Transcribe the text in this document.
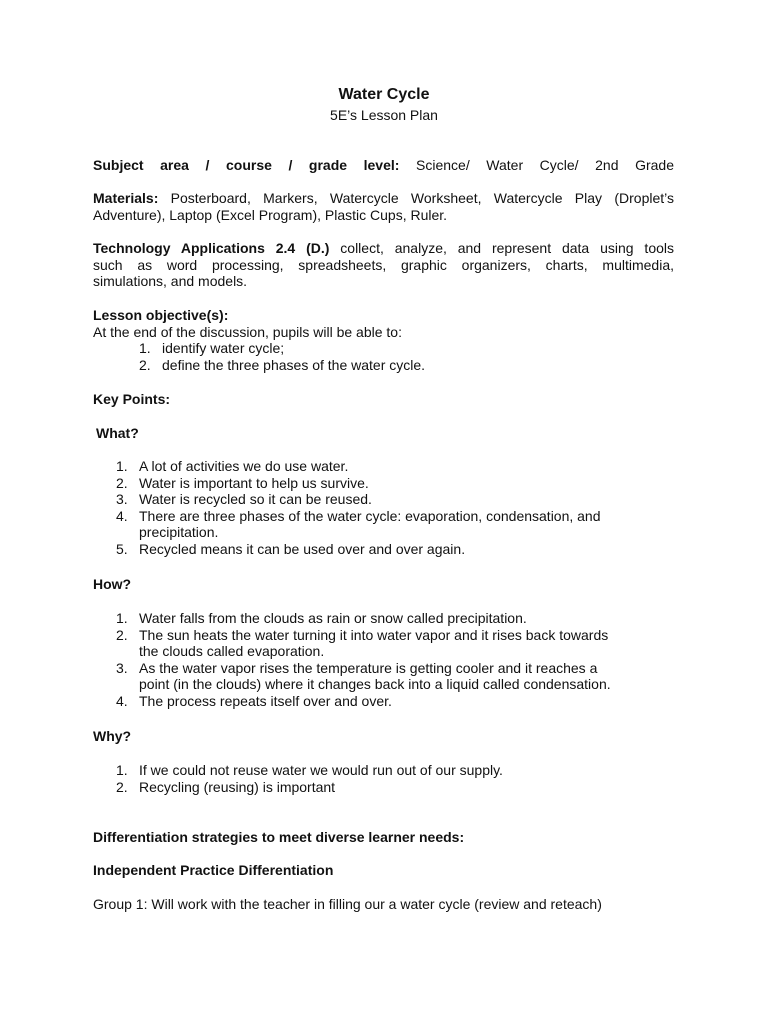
Water Cycle
5E’s Lesson Plan
Subject area / course / grade level: Science/ Water Cycle/ 2nd Grade
Materials: Posterboard, Markers, Watercycle Worksheet, Watercycle Play (Droplet’s
Adventure), Laptop (Excel Program), Plastic Cups, Ruler.
Technology Applications 2.4 (D.) collect, analyze, and represent data using tools
such as word processing, spreadsheets, graphic organizers, charts, multimedia,
simulations, and models.
Lesson objective(s):
At the end of the discussion, pupils will be able to:
1. identify water cycle;
2. define the three phases of the water cycle.
Key Points:
What?
1. A lot of activities we do use water.
2. Water is important to help us survive.
3. Water is recycled so it can be reused.
4. There are three phases of the water cycle: evaporation, condensation, and
precipitation.
5. Recycled means it can be used over and over again.
How?
1. Water falls from the clouds as rain or snow called precipitation.
2. The sun heats the water turning it into water vapor and it rises back towards
the clouds called evaporation.
3. As the water vapor rises the temperature is getting cooler and it reaches a
point (in the clouds) where it changes back into a liquid called condensation.
4. The process repeats itself over and over.
Why?
1. If we could not reuse water we would run out of our supply.
2. Recycling (reusing) is important
Differentiation strategies to meet diverse learner needs:
Independent Practice Differentiation
Group 1: Will work with the teacher in filling our a water cycle (review and reteach)
